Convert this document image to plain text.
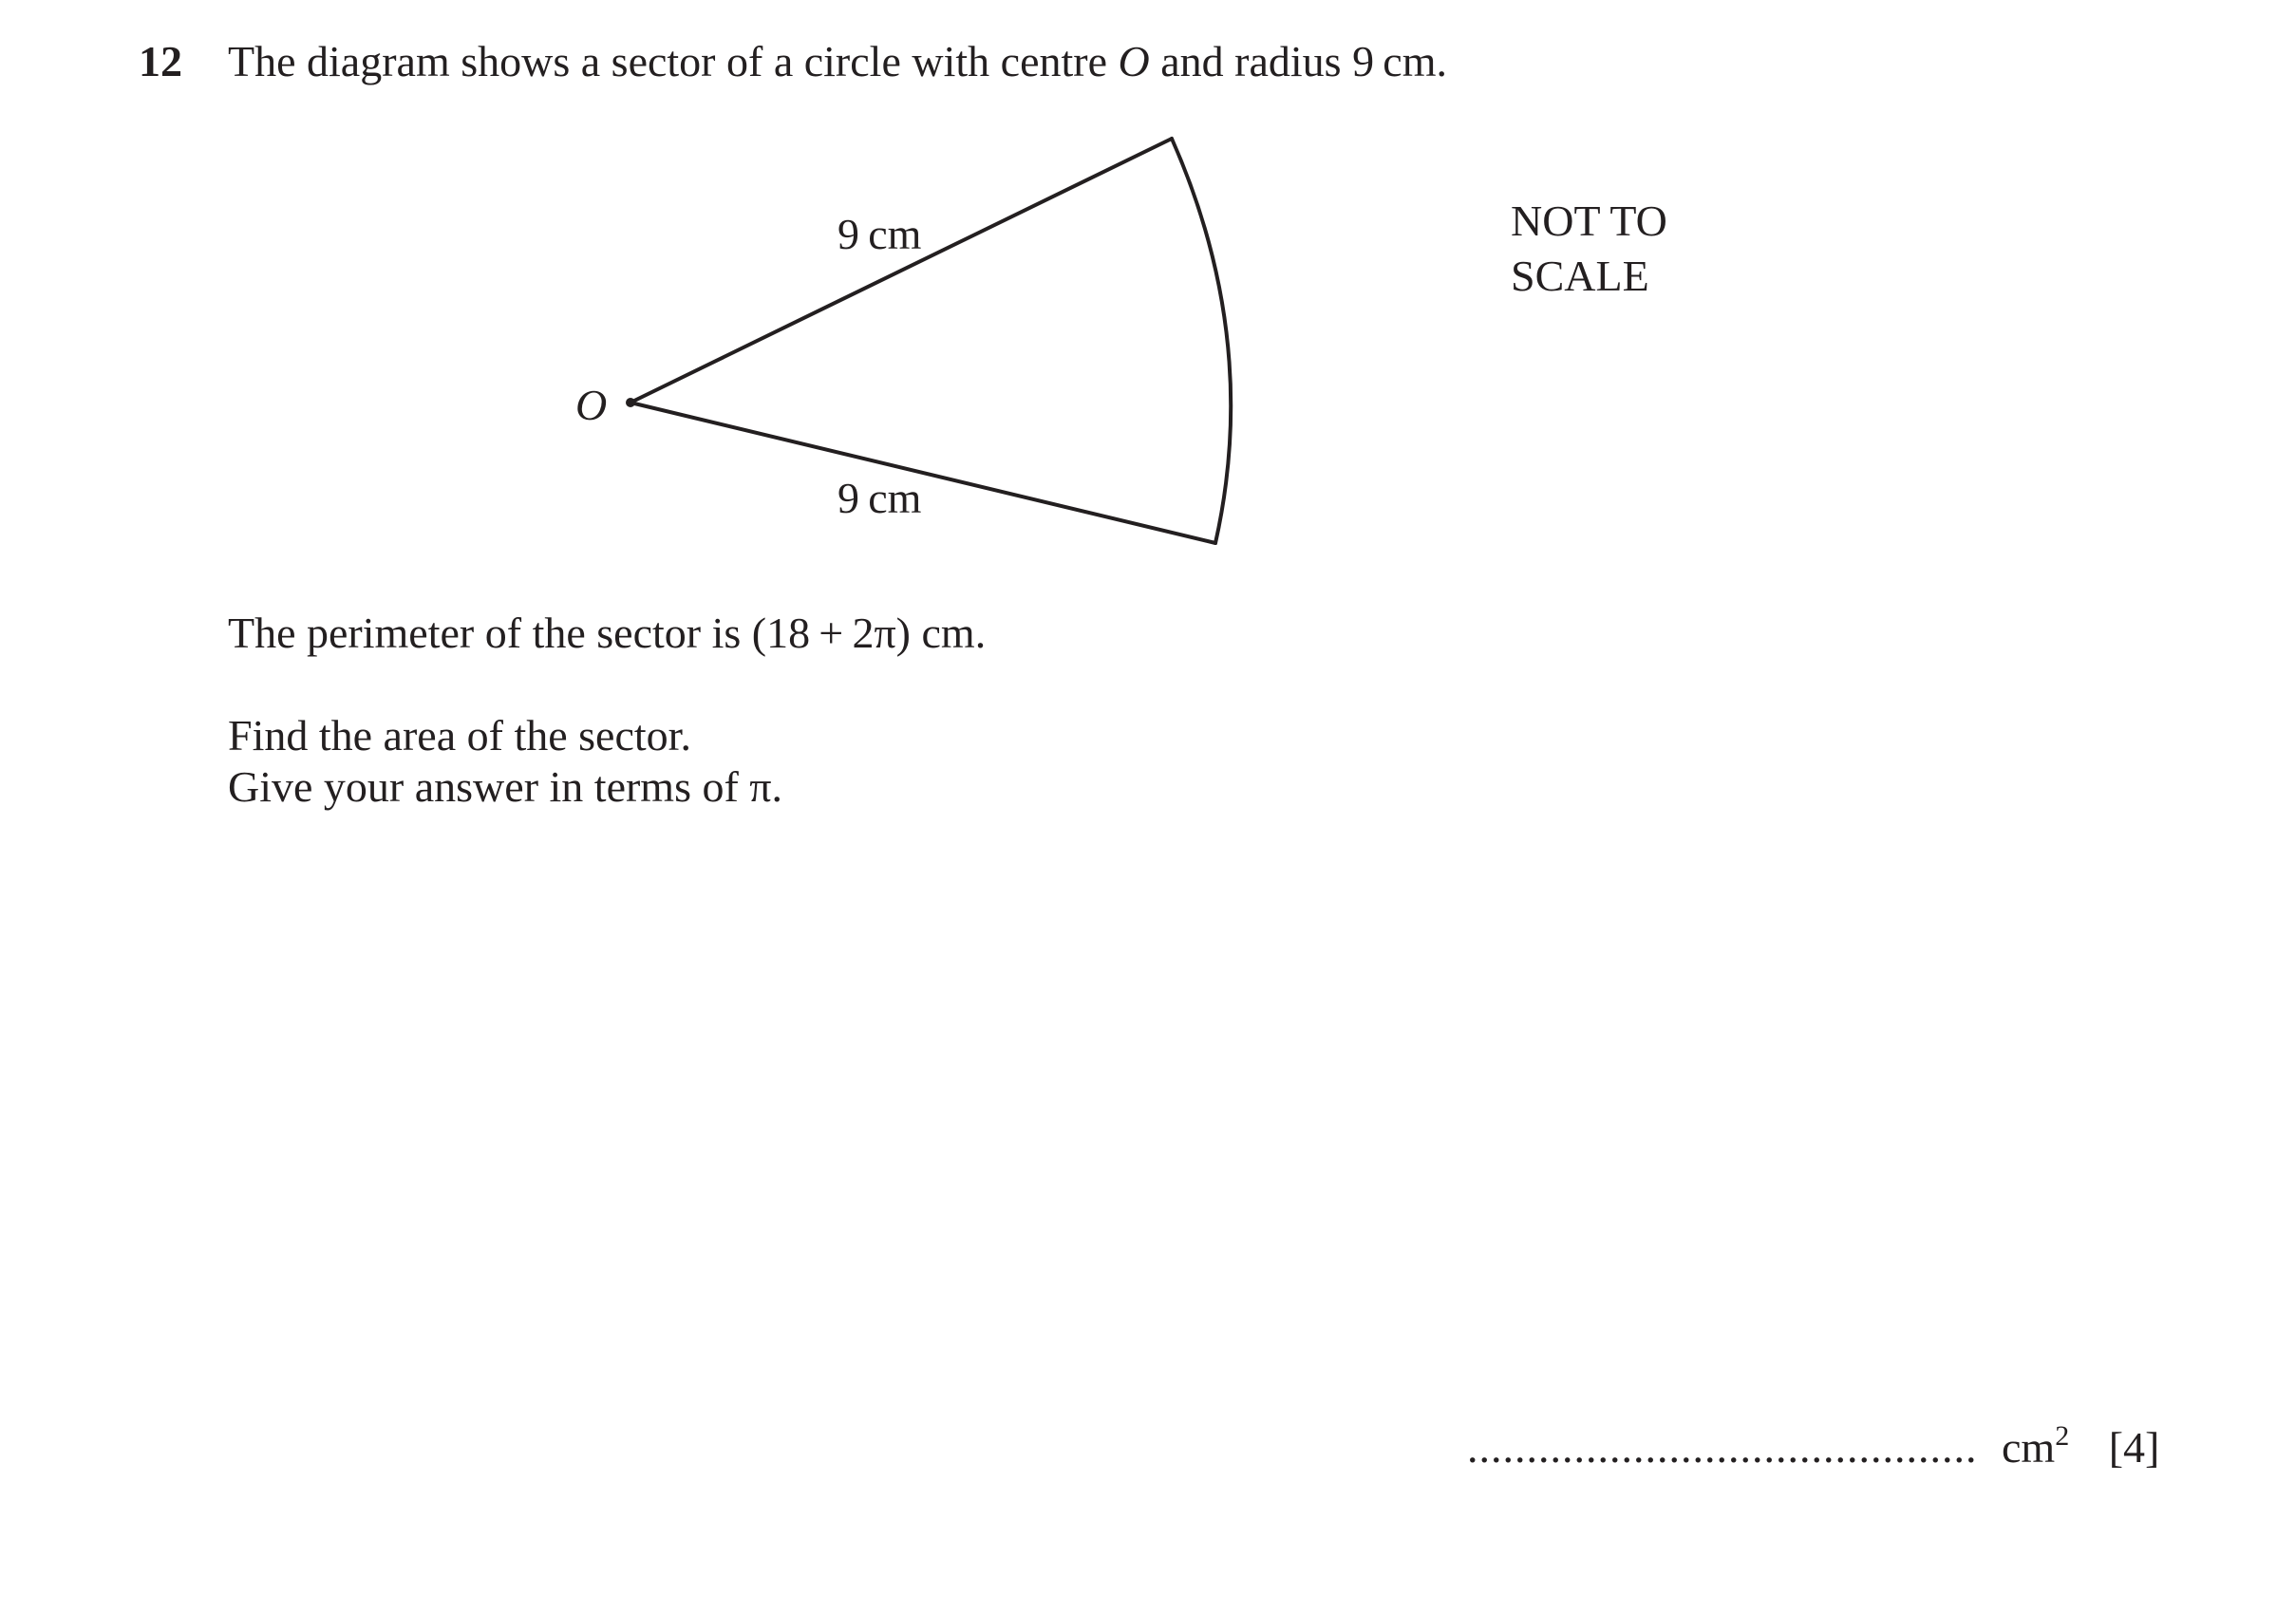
12 The diagram shows a sector of a circle with centre O and radius 9 cm.
O
9 cm
9 cm
NOT TO
SCALE
The perimeter of the sector is (18 + 2π) cm.
Find the area of the sector.
Give your answer in terms of π.
........................................... $cm^2$ [4]
